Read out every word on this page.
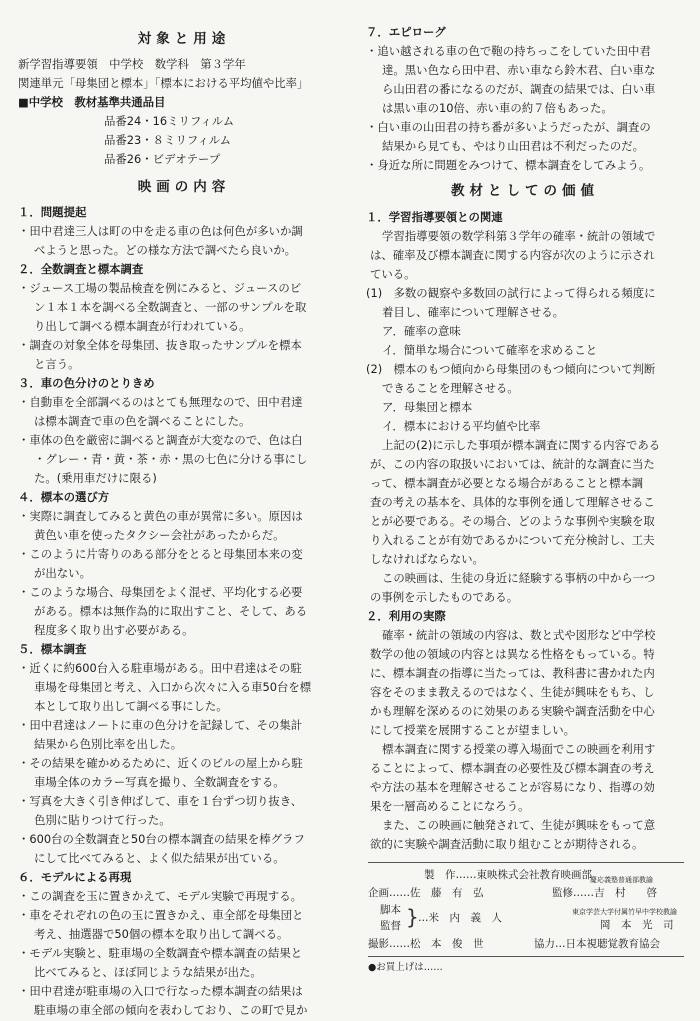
対象と用途
新学習指導要領　中学校　数学科　第３学年
関連単元「母集団と標本」「標本における平均値や比率」
■中学校　教材基準共通品目
品番24・16ミリフィルム
品番23・８ミリフィルム
品番26・ビデオテープ
映画の内容
１．問題提起
・田中君達三人は町の中を走る車の色は何色が多いか調
べようと思った。どの様な方法で調べたら良いか。
２．全数調査と標本調査
・ジュース工場の製品検査を例にみると、ジュースのビ
ン１本１本を調べる全数調査と、一部のサンプルを取
り出して調べる標本調査が行われている。
・調査の対象全体を母集団、抜き取ったサンプルを標本
と言う。
３．車の色分けのとりきめ
・自動車を全部調べるのはとても無理なので、田中君達
は標本調査で車の色を調べることにした。
・車体の色を厳密に調べると調査が大変なので、色は白
・グレー・青・黄・茶・赤・黒の七色に分ける事にし
た。(乗用車だけに限る)
４．標本の選び方
・実際に調査してみると黄色の車が異常に多い。原因は
黄色い車を使ったタクシー会社があったからだ。
・このように片寄りのある部分をとると母集団本来の変
が出ない。
・このような場合、母集団をよく混ぜ、平均化する必要
がある。標本は無作為的に取出すこと、そして、ある
程度多く取り出す必要がある。
５．標本調査
・近くに約600台入る駐車場がある。田中君達はその駐
車場を母集団と考え、入口から次々に入る車50台を標
本として取り出して調べる事にした。
・田中君達はノートに車の色分けを記録して、その集計
結果から色別比率を出した。
・その結果を確かめるために、近くのビルの屋上から駐
車場全体のカラー写真を撮り、全数調査をする。
・写真を大きく引き伸ばして、車を１台ずつ切り抜き、
色別に貼りつけて行った。
・600台の全数調査と50台の標本調査の結果を棒グラフ
にして比べてみると、よく似た結果が出ている。
６．モデルによる再現
・この調査を玉に置きかえて、モデル実験で再現する。
・車をそれぞれの色の玉に置きかえ、車全部を母集団と
考え、抽選器で50個の標本を取り出して調べる。
・モデル実験と、駐車場の全数調査や標本調査の結果と
比べてみると、ほぼ同じような結果が出た。
・田中君達が駐車場の入口で行なった標本調査の結果は
駐車場の車全部の傾向を表わしており、この町で見か
７．エピローグ
・追い越される車の色で鞄の持ちっこをしていた田中君
達。黒い色なら田中君、赤い車なら鈴木君、白い車な
ら山田君の番になるのだが、調査の結果では、白い車
は黒い車の10倍、赤い車の約７倍もあった。
・白い車の山田君の持ち番が多いようだったが、調査の
結果から見ても、やはり山田君は不利だったのだ。
・身近な所に問題をみつけて、標本調査をしてみよう。
教材としての価値
１．学習指導要領との関連
学習指導要領の数学科第３学年の確率・統計の領域で
は、確率及び標本調査に関する内容が次のように示され
ている。
(1)　多数の観察や多数回の試行によって得られる頻度に
着目し、確率について理解させる。
ア．確率の意味
イ．簡単な場合について確率を求めること
(2)　標本のもつ傾向から母集団のもつ傾向について判断
できることを理解させる。
ア．母集団と標本
イ．標本における平均値や比率
上記の(2)に示した事項が標本調査に関する内容である
が、この内容の取扱いにおいては、統計的な調査に当た
って、標本調査が必要となる場合があることと標本調
査の考えの基本を、具体的な事例を通して理解させるこ
とが必要である。その場合、どのような事例や実験を取
り入れることが有効であるかについて充分検討し、工夫
しなければならない。
この映画は、生徒の身近に経験する事柄の中から一つ
の事例を示したものである。
２．利用の実際
確率・統計の領域の内容は、数と式や図形など中学校
数学の他の領域の内容とは異なる性格をもっている。特
に、標本調査の指導に当たっては、教科書に書かれた内
容をそのまま教えるのではなく、生徒が興味をもち、し
かも理解を深めるのに効果のある実験や調査活動を中心
にして授業を展開することが望ましい。
標本調査に関する授業の導入場面でこの映画を利用す
ることによって、標本調査の必要性及び標本調査の考え
や方法の基本を理解させることが容易になり、指導の効
果を一層高めることになろう。
また、この映画に触発されて、生徒が興味をもって意
欲的に実験や調査活動に取り組むことが期待される。
製　作……東映株式会社教育映画部
企画……佐　藤　有　弘
脚本
監督 } …米　内　義　人
撮影……松　本　俊　世
慶応義塾普通部教諭
監修……吉　村　　啓
東京学芸大学付属竹早中学校教諭
岡　本　光　司
協力…日本視聴覚教育協会
●お買上げは……
